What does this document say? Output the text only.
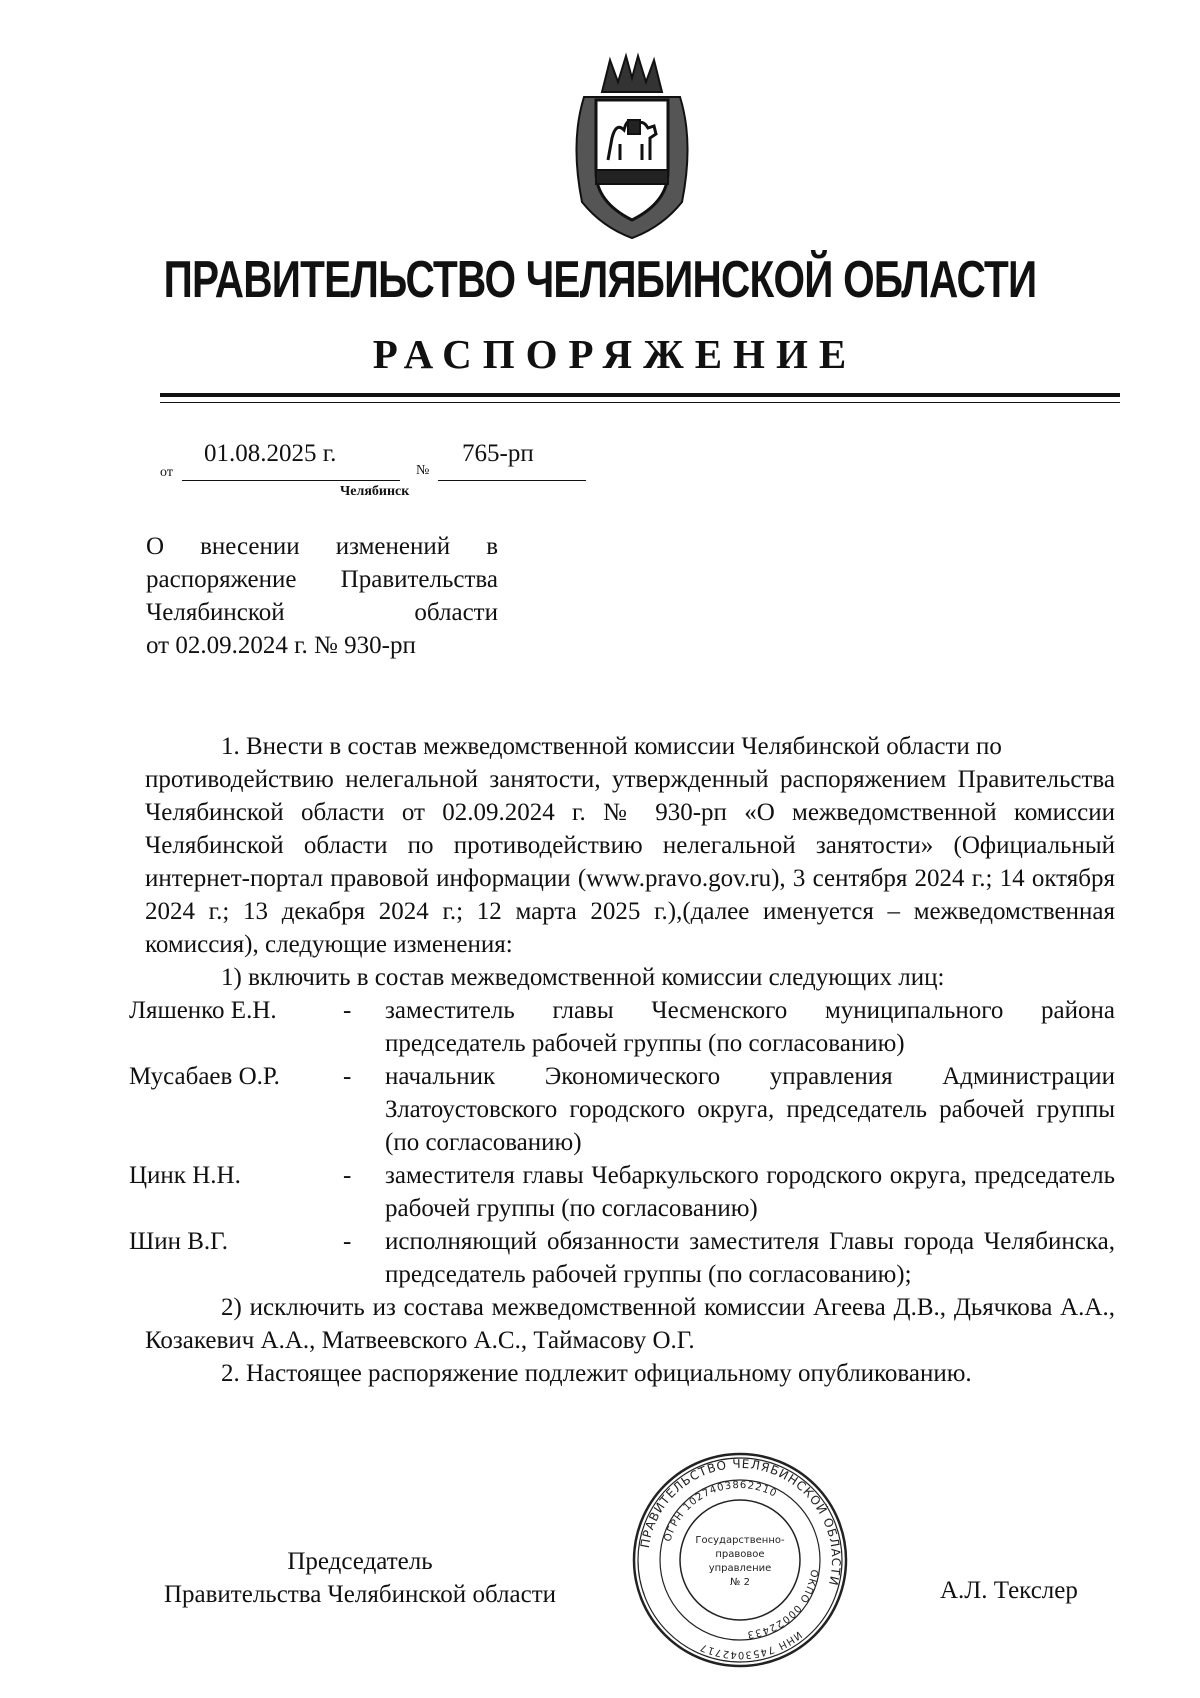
ПРАВИТЕЛЬСТВО ЧЕЛЯБИНСКОЙ ОБЛАСТИ
РАСПОРЯЖЕНИЕ
от
01.08.2025 г.
№
765-рп
Челябинск
О внесении изменений в
распоряжение Правительства
Челябинской	области
от 02.09.2024 г. № 930-рп
1. Внести в состав межведомственной комиссии Челябинской области по
противодействию нелегальной занятости, утвержденный распоряжением Правительства Челябинской области от 02.09.2024 г. № 930-рп «О межведомственной комиссии Челябинской области по противодействию нелегальной занятости» (Официальный интернет-портал правовой информации (www.pravo.gov.ru), 3 сентября 2024 г.; 14 октября 2024 г.; 13 декабря 2024 г.; 12 марта 2025 г.),(далее именуется – межведомственная комиссия), следующие изменения:
1) включить в состав межведомственной комиссии следующих лиц:
Ляшенко Е.Н.	- заместитель главы Чесменского муниципального района председатель рабочей группы (по согласованию)
Мусабаев О.Р.	- начальник Экономического управления Администрации Златоустовского городского округа, председатель рабочей группы (по согласованию)
Цинк Н.Н.	- заместителя главы Чебаркульского городского округа, председатель рабочей группы (по согласованию)
Шин В.Г.	- исполняющий обязанности заместителя Главы города Челябинска, председатель рабочей группы (по согласованию);
2) исключить из состава межведомственной комиссии Агеева Д.В., Дьячкова А.А., Козакевич А.А., Матвеевского А.С., Таймасову О.Г.
2. Настоящее распоряжение подлежит официальному опубликованию.
Председатель
Правительства Челябинской области	А.Л. Текслер
ПРАВИТЕЛЬСТВО ЧЕЛЯБИНСКОЙ ОБЛАСТИ
ОГРН 1027403862210
ОКПО 00022433	ИНН 7453042717
Государственно-
правовое
управление
№ 2
